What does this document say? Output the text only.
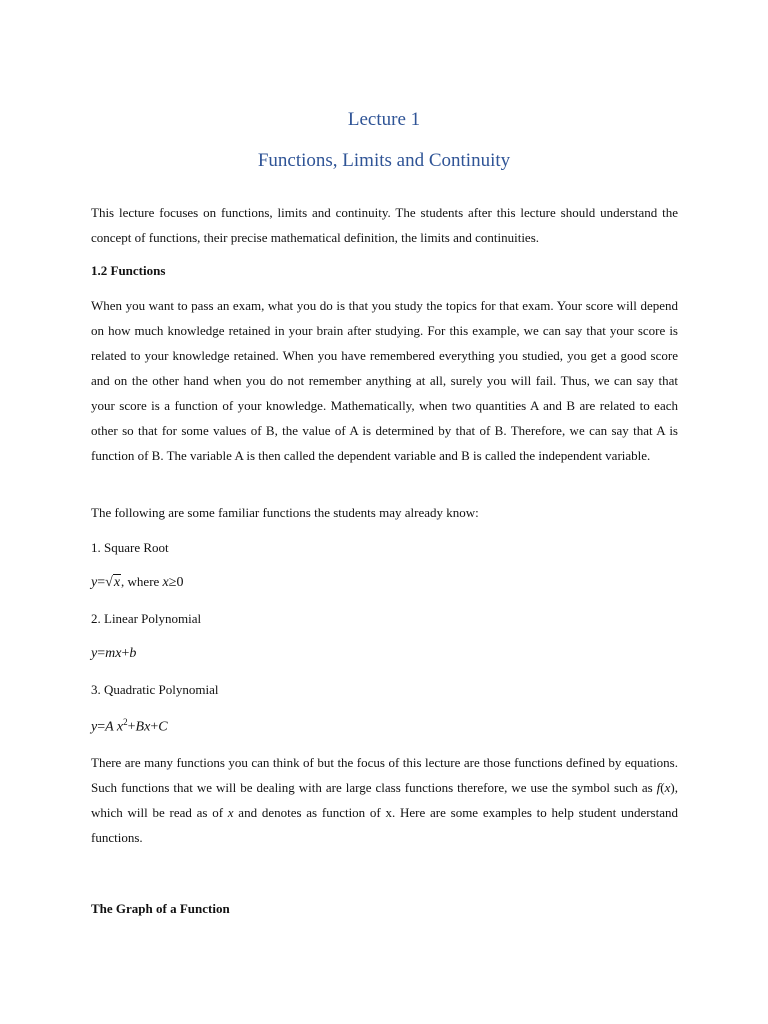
Lecture 1
Functions, Limits and Continuity

This lecture focuses on functions, limits and continuity. The students after this lecture should understand the concept of functions, their precise mathematical definition, the limits and continuities.

1.2 Functions

When you want to pass an exam, what you do is that you study the topics for that exam. Your score will depend on how much knowledge retained in your brain after studying. For this example, we can say that your score is related to your knowledge retained. When you have remembered everything you studied, you get a good score and on the other hand when you do not remember anything at all, surely you will fail. Thus, we can say that your score is a function of your knowledge. Mathematically, when two quantities A and B are related to each other so that for some values of B, the value of A is determined by that of B. Therefore, we can say that A is function of B. The variable A is then called the dependent variable and B is called the independent variable.

The following are some familiar functions the students may already know:

1. Square Root

y=√x, where x≥0

2. Linear Polynomial

y=mx+b

3. Quadratic Polynomial

y=A $x^2+Bx+C$

There are many functions you can think of but the focus of this lecture are those functions defined by equations. Such functions that we will be dealing with are large class functions therefore, we use the symbol such as f(x), which will be read as of x and denotes as function of x. Here are some examples to help student understand functions.

The Graph of a Function
